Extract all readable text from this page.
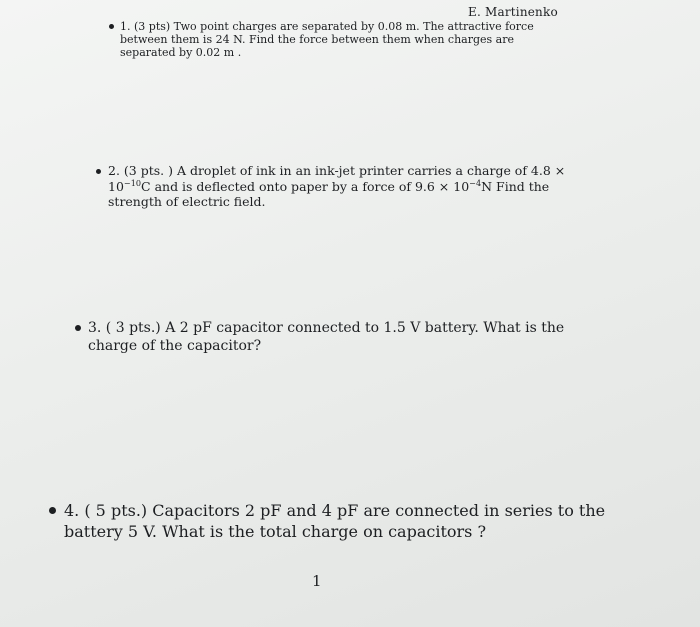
E. Martinenko

1. (3 pts) Two point charges are separated by 0.08 m. The attractive force between them is 24 N. Find the force between them when charges are separated by 0.02 m .

2. (3 pts. ) A droplet of ink in an ink-jet printer carries a charge of $4.8 \times 10^{-10}C$ and is deflected onto paper by a force of $9.6 \times 10^{-4}N$ Find the strength of electric field.

3. ( 3 pts.) A 2 pF capacitor connected to 1.5 V battery. What is the charge of the capacitor?

4. ( 5 pts.) Capacitors 2 pF and 4 pF are connected in series to the battery 5 V. What is the total charge on capacitors ?

1
